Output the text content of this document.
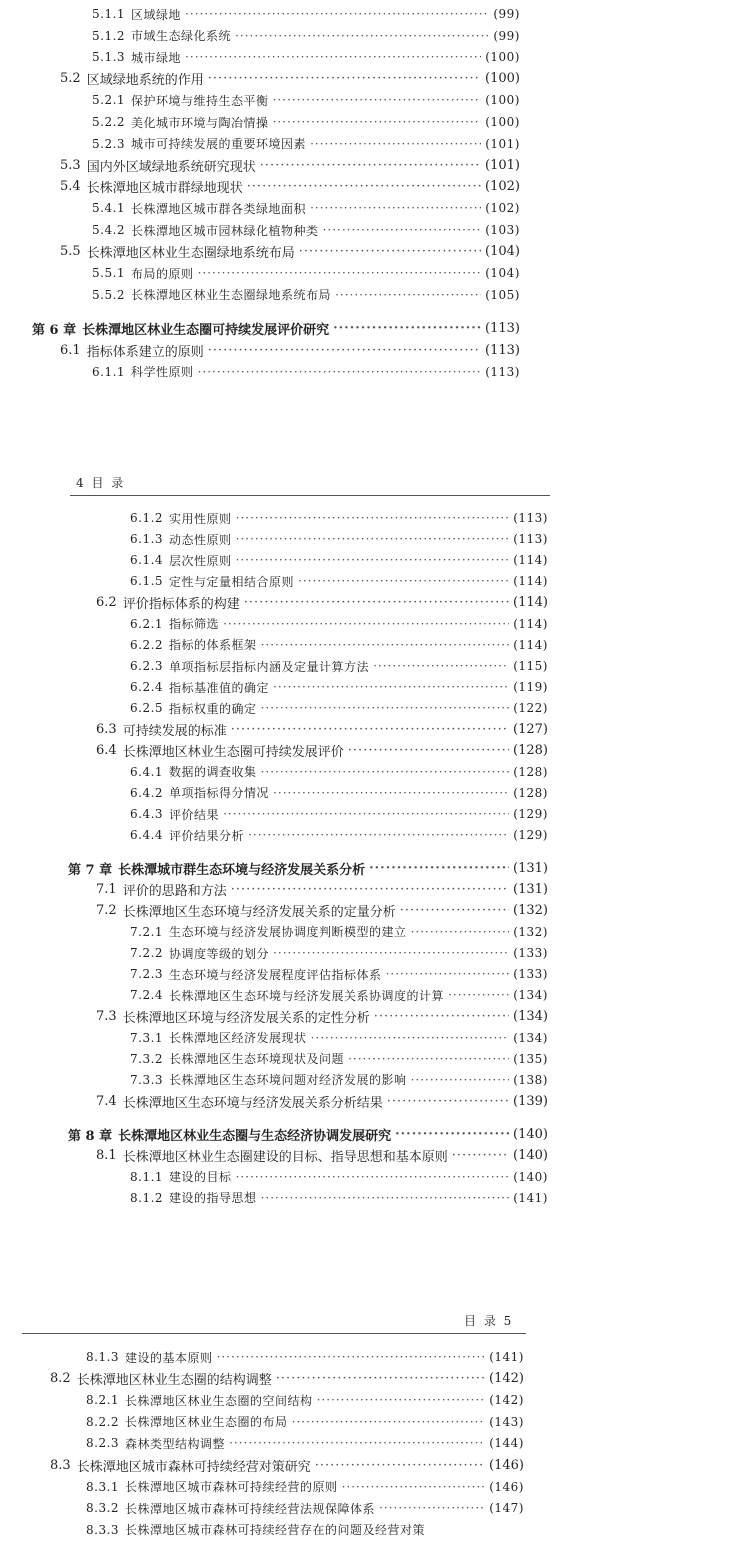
5.1.1 区域绿地 ·····	(99)
5.1.2 市域生态绿化系统 ·····	(99)
5.1.3 城市绿地 ·····	(100)
5.2 区域绿地系统的作用 ·····	(100)
5.2.1 保护环境与维持生态平衡 ·····	(100)
5.2.2 美化城市环境与陶冶情操 ·····	(100)
5.2.3 城市可持续发展的重要环境因素 ·····	(101)
5.3 国内外区域绿地系统研究现状 ·····	(101)
5.4 长株潭地区城市群绿地现状 ·····	(102)
5.4.1 长株潭地区城市群各类绿地面积 ·····	(102)
5.4.2 长株潭地区城市园林绿化植物种类 ·····	(103)
5.5 长株潭地区林业生态圈绿地系统布局 ·····	(104)
5.5.1 布局的原则 ·····	(104)
5.5.2 长株潭地区林业生态圈绿地系统布局 ·····	(105)
第 6 章 长株潭地区林业生态圈可持续发展评价研究 ·····	(113)
6.1 指标体系建立的原则 ·····	(113)
6.1.1 科学性原则 ·····	(113)
4 目 录
6.1.2 实用性原则 ·····	(113)
6.1.3 动态性原则 ·····	(113)
6.1.4 层次性原则 ·····	(114)
6.1.5 定性与定量相结合原则 ·····	(114)
6.2 评价指标体系的构建 ·····	(114)
6.2.1 指标筛选 ·····	(114)
6.2.2 指标的体系框架 ·····	(114)
6.2.3 单项指标层指标内涵及定量计算方法 ·····	(115)
6.2.4 指标基准值的确定 ·····	(119)
6.2.5 指标权重的确定 ·····	(122)
6.3 可持续发展的标准 ·····	(127)
6.4 长株潭地区林业生态圈可持续发展评价 ·····	(128)
6.4.1 数据的调查收集 ·····	(128)
6.4.2 单项指标得分情况 ·····	(128)
6.4.3 评价结果 ·····	(129)
6.4.4 评价结果分析 ·····	(129)
第 7 章 长株潭城市群生态环境与经济发展关系分析 ·····	(131)
7.1 评价的思路和方法 ·····	(131)
7.2 长株潭地区生态环境与经济发展关系的定量分析 ·····	(132)
7.2.1 生态环境与经济发展协调度判断模型的建立 ·····	(132)
7.2.2 协调度等级的划分 ·····	(133)
7.2.3 生态环境与经济发展程度评估指标体系 ·····	(133)
7.2.4 长株潭地区生态环境与经济发展关系协调度的计算 ·····	(134)
7.3 长株潭地区环境与经济发展关系的定性分析 ·····	(134)
7.3.1 长株潭地区经济发展现状 ·····	(134)
7.3.2 长株潭地区生态环境现状及问题 ·····	(135)
7.3.3 长株潭地区生态环境问题对经济发展的影响 ·····	(138)
7.4 长株潭地区生态环境与经济发展关系分析结果 ·····	(139)
第 8 章 长株潭地区林业生态圈与生态经济协调发展研究 ·····	(140)
8.1 长株潭地区林业生态圈建设的目标、指导思想和基本原则 ·····	(140)
8.1.1 建设的目标 ·····	(140)
8.1.2 建设的指导思想 ·····	(141)
目 录 5
8.1.3 建设的基本原则 ·····	(141)
8.2 长株潭地区林业生态圈的结构调整 ·····	(142)
8.2.1 长株潭地区林业生态圈的空间结构 ·····	(142)
8.2.2 长株潭地区林业生态圈的布局 ·····	(143)
8.2.3 森林类型结构调整 ·····	(144)
8.3 长株潭地区城市森林可持续经营对策研究 ·····	(146)
8.3.1 长株潭地区城市森林可持续经营的原则 ·····	(146)
8.3.2 长株潭地区城市森林可持续经营法规保障体系 ·····	(147)
8.3.3 长株潭地区城市森林可持续经营存在的问题及经营对策
